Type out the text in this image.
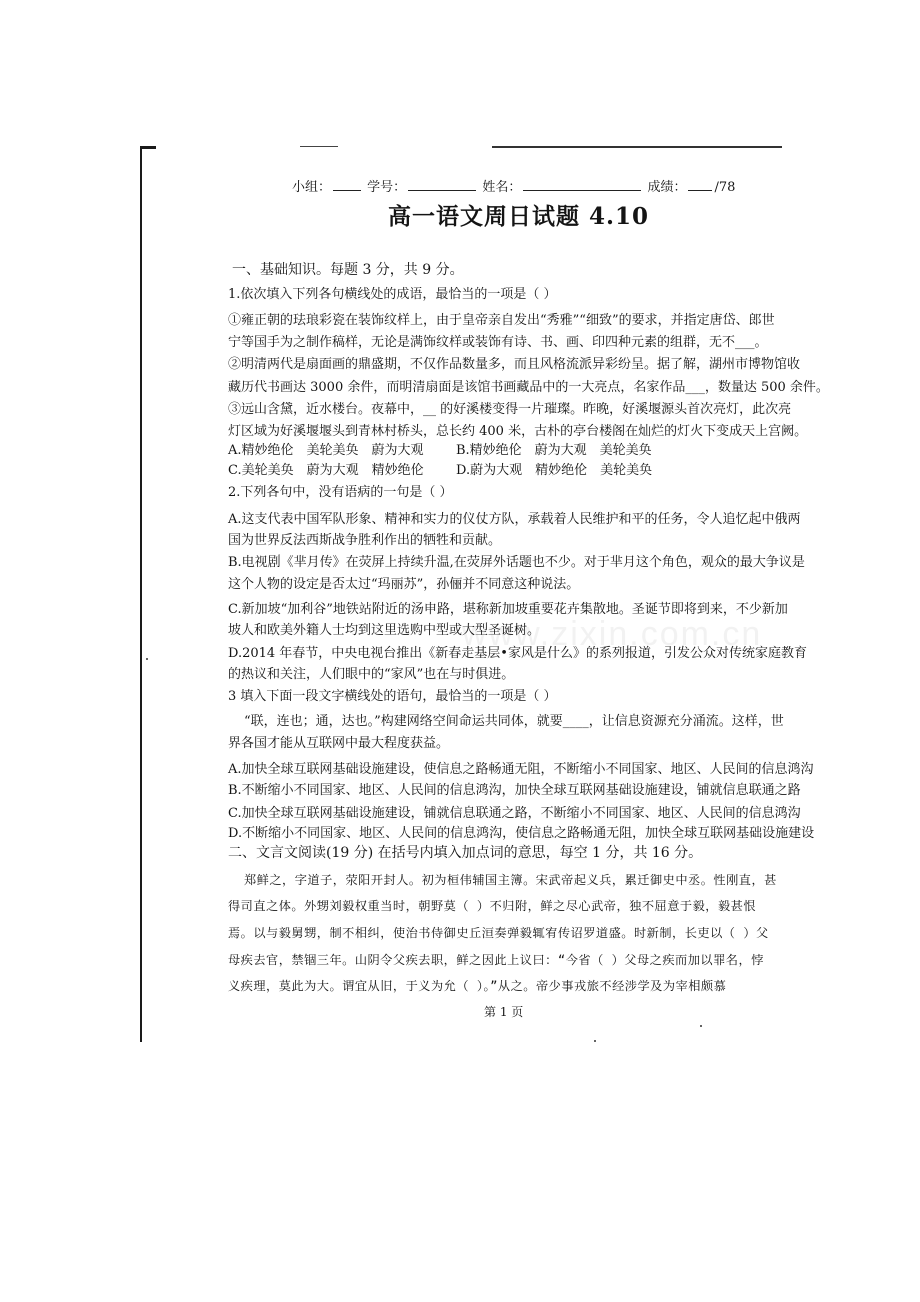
www.zixin.com.cn
小组：	学号：	姓名：	成绩： /78
高一语文周日试题 4.10
一、基础知识。每题 3 分，共 9 分。
1.依次填入下列各句横线处的成语，最恰当的一项是（ ）
①雍正朝的珐琅彩瓷在装饰纹样上，由于皇帝亲自发出“秀雅”“细致”的要求，并指定唐岱、郎世
宁等国手为之制作稿样，无论是满饰纹样或装饰有诗、书、画、印四种元素的组群，无不___。
②明清两代是扇面画的鼎盛期，不仅作品数量多，而且风格流派异彩纷呈。据了解，湖州市博物馆收
藏历代书画达 3000 余件，而明清扇面是该馆书画藏品中的一大亮点，名家作品___，数量达 500 余件。
③远山含黛，近水楼台。夜幕中，__ 的好溪楼变得一片璀璨。昨晚，好溪堰源头首次亮灯，此次亮
灯区域为好溪堰堰头到青林村桥头，总长约 400 米，古朴的亭台楼阁在灿烂的灯火下变成天上宫阙。
A.精妙绝伦　美轮美奂　蔚为大观 B.精妙绝伦　蔚为大观　美轮美奂
C.美轮美奂　蔚为大观　精妙绝伦 D.蔚为大观　精妙绝伦　美轮美奂
2.下列各句中，没有语病的一句是（ ）
A.这支代表中国军队形象、精神和实力的仪仗方队，承载着人民维护和平的任务，令人追忆起中俄两
国为世界反法西斯战争胜利作出的牺牲和贡献。
B.电视剧《芈月传》在荧屏上持续升温,在荧屏外话题也不少。对于芈月这个角色，观众的最大争议是
这个人物的设定是否太过“玛丽苏”，孙俪并不同意这种说法。
C.新加坡“加利谷”地铁站附近的汤申路，堪称新加坡重要花卉集散地。圣诞节即将到来，不少新加
坡人和欧美外籍人士均到这里选购中型或大型圣诞树。
D.2014 年春节，中央电视台推出《新春走基层•家风是什么》的系列报道，引发公众对传统家庭教育
的热议和关注，人们眼中的“家风”也在与时俱进。
3 填入下面一段文字横线处的语句，最恰当的一项是（ ）
“联，连也；通，达也。”构建网络空间命运共同体，就要____，让信息资源充分涌流。这样，世
界各国才能从互联网中最大程度获益。
A.加快全球互联网基础设施建设，使信息之路畅通无阻，不断缩小不同国家、地区、人民间的信息鸿沟
B.不断缩小不同国家、地区、人民间的信息鸿沟，加快全球互联网基础设施建设，铺就信息联通之路
C.加快全球互联网基础设施建设，铺就信息联通之路，不断缩小不同国家、地区、人民间的信息鸿沟
D.不断缩小不同国家、地区、人民间的信息鸿沟，使信息之路畅通无阻，加快全球互联网基础设施建设
二、文言文阅读(19 分) 在括号内填入加点词的意思，每空 1 分，共 16 分。
郑鲜之，字道子，荥阳开封人。初为桓伟辅国主簿。宋武帝起义兵，累迁御史中丞。性刚直，甚
得司直之体。外甥刘毅权重当时，朝野莫（ ）不归附，鲜之尽心武帝，独不屈意于毅，毅甚恨
焉。以与毅舅甥，制不相纠，使治书侍御史丘洹奏弹毅辄宥传诏罗道盛。时新制，长吏以（ ）父
母疾去官，禁锢三年。山阴令父疾去职，鲜之因此上议曰：“今省（ ）父母之疾而加以罪名，悖
义疾理，莫此为大。谓宜从旧，于义为允（ ）。”从之。帝少事戎旅不经涉学及为宰相颇慕
第 1 页
